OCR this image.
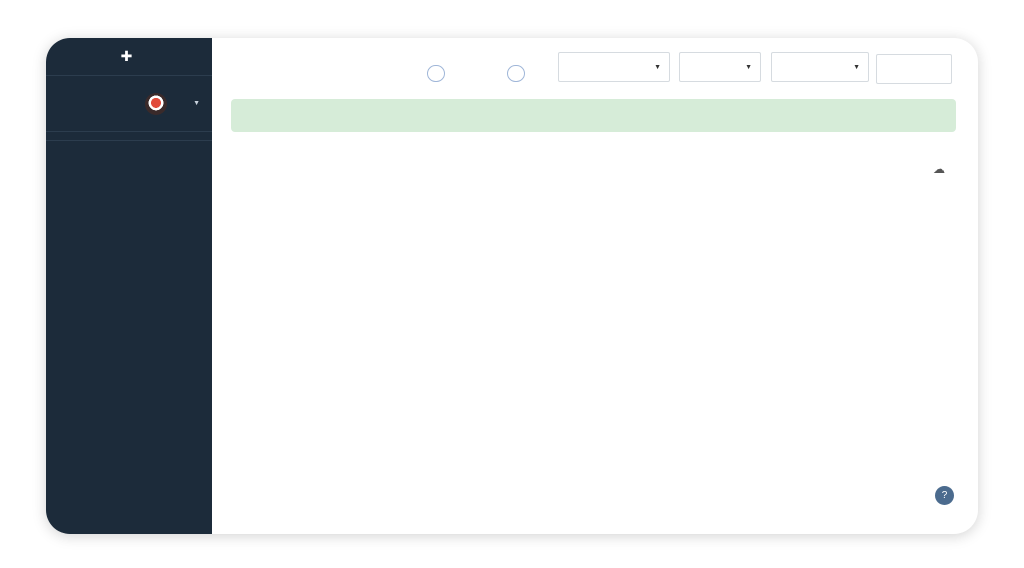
✚
▼
▼	▼	▼
☁
?
